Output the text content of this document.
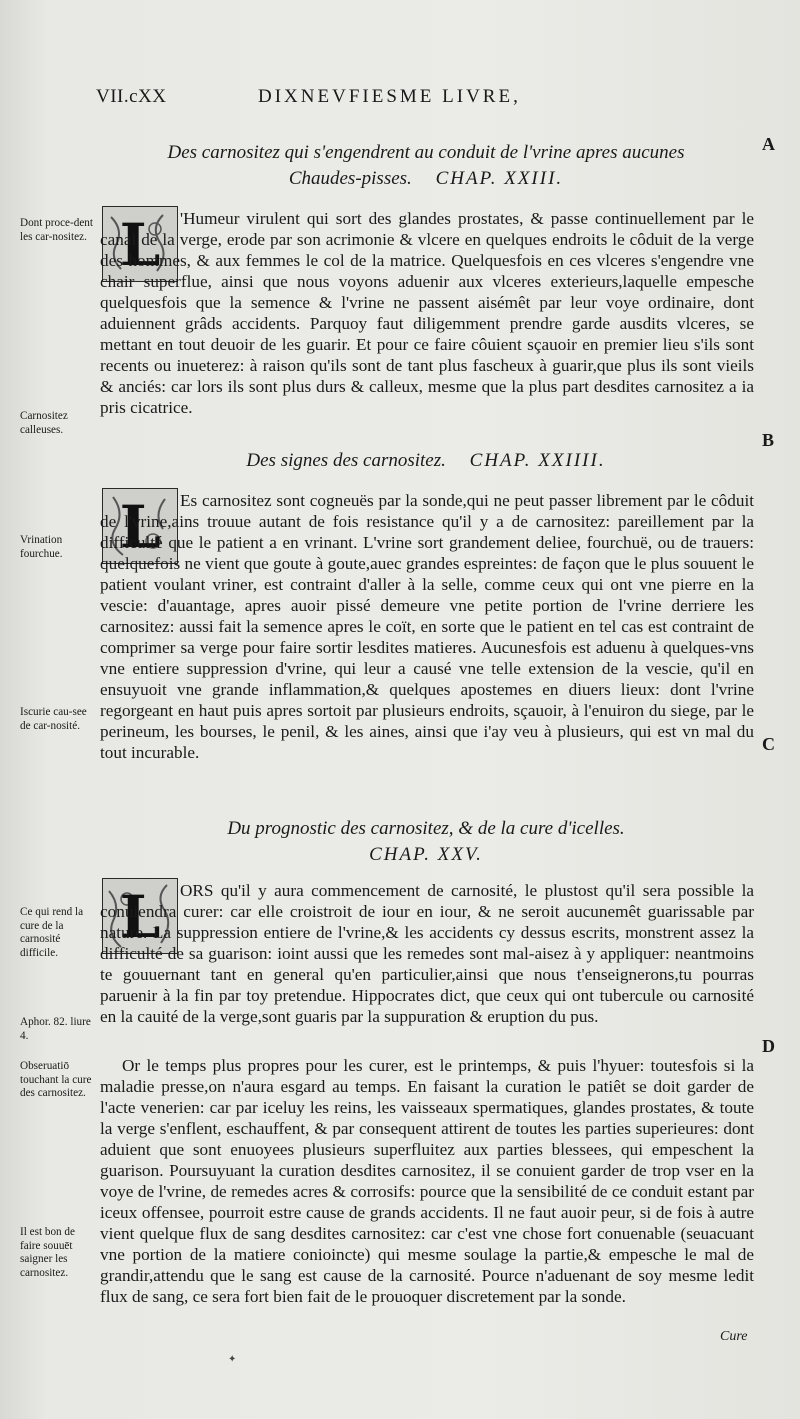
VII.cXX	DIXNEVFIESME LIVRE,
A
B
C
D
Des carnositez qui s'engendrent au conduit de l'vrine apres aucunes
Chaudes-pisses. CHAP. XXIII.
Dont proce-dent les car-nositez.
Carnositez calleuses.
L	'Humeur virulent qui sort des glandes prostates, & passe continuellement par le canal de la verge, erode par son acrimonie & vlcere en quelques endroits le côduit de la verge des hommes, & aux femmes le col de la matrice. Quelquesfois en ces vlceres s'engendre vne chair superflue, ainsi que nous voyons aduenir aux vlceres exterieurs,laquelle empesche quelquesfois que la semence & l'vrine ne passent aisémêt par leur voye ordinaire, dont aduiennent grâds accidents. Parquoy faut diligemment prendre garde ausdits vlceres, se mettant en tout deuoir de les guarir. Et pour ce faire côuient sçauoir en premier lieu s'ils sont recents ou inueterez: à raison qu'ils sont de tant plus fascheux à guarir,que plus ils sont vieils & anciés: car lors ils sont plus durs & calleux, mesme que la plus part desdites carnositez a ia pris cicatrice.

Des signes des carnositez. CHAP. XXIIII.
Vrination fourchue.
Iscurie cau-see de car-nosité.
L	Es carnositez sont cogneuës par la sonde,qui ne peut passer librement par le côduit de l'vrine,ains trouue autant de fois resistance qu'il y a de carnositez: pareillement par la difficulté que le patient a en vrinant. L'vrine sort grandement deliee, fourchuë, ou de trauers: quelquefois ne vient que goute à goute,auec grandes espreintes: de façon que le plus souuent le patient voulant vriner, est contraint d'aller à la selle, comme ceux qui ont vne pierre en la vescie: d'auantage, apres auoir pissé demeure vne petite portion de l'vrine derriere les carnositez: aussi fait la semence apres le coït, en sorte que le patient en tel cas est contraint de comprimer sa verge pour faire sortir lesdites matieres. Aucunesfois est aduenu à quelques-vns vne entiere suppression d'vrine, qui leur a causé vne telle extension de la vescie, qu'il en ensuyuoit vne grande inflammation,& quelques apostemes en diuers lieux: dont l'vrine regorgeant en haut puis apres sortoit par plusieurs endroits, sçauoir, à l'enuiron du siege, par le perineum, les bourses, le penil, & les aines, ainsi que i'ay veu à plusieurs, qui est vn mal du tout incurable.

Du prognostic des carnositez, & de la cure d'icelles.
CHAP. XXV.
Ce qui rend la cure de la carnosité difficile.
Aphor. 82. liure 4.
Obseruatiō touchant la cure des carnositez.
Il est bon de faire souuēt saigner les carnositez.
L	ORS qu'il y aura commencement de carnosité, le plustost qu'il sera possible la conuiendra curer: car elle croistroit de iour en iour, & ne seroit aucunemêt guarissable par nature. La suppression entiere de l'vrine,& les accidents cy dessus escrits, monstrent assez la difficulté de sa guarison: ioint aussi que les remedes sont mal-aisez à y appliquer: neantmoins te gouuernant tant en general qu'en particulier,ainsi que nous t'enseignerons,tu pourras paruenir à la fin par toy pretendue. Hippocrates dict, que ceux qui ont tubercule ou carnosité en la cauité de la verge,sont guaris par la suppuration & eruption du pus.

Or le temps plus propres pour les curer, est le printemps, & puis l'hyuer: toutesfois si la maladie presse,on n'aura esgard au temps. En faisant la curation le patiêt se doit garder de l'acte venerien: car par iceluy les reins, les vaisseaux spermatiques, glandes prostates, & toute la verge s'enflent, eschauffent, & par consequent attirent de toutes les parties superieures: dont aduient que sont enuoyees plusieurs superfluitez aux parties blessees, qui empeschent la guarison. Poursuyuant la curation desdites carnositez, il se conuient garder de trop vser en la voye de l'vrine, de remedes acres & corrosifs: pource que la sensibilité de ce conduit estant par iceux offensee, pourroit estre cause de grands accidents. Il ne faut auoir peur, si de fois à autre vient quelque flux de sang desdites carnositez: car c'est vne chose fort conuenable (seuacuant vne portion de la matiere conioincte) qui mesme soulage la partie,& empesche le mal de grandir,attendu que le sang est cause de la carnosité. Pource n'aduenant de soy mesme ledit flux de sang, ce sera fort bien fait de le prouoquer discretement par la sonde.

Cure
✦
